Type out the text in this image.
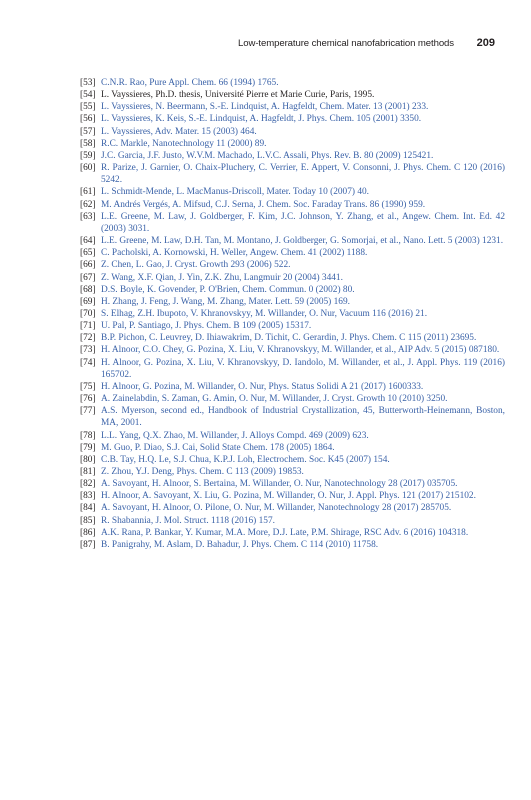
Low-temperature chemical nanofabrication methods 209
[53] C.N.R. Rao, Pure Appl. Chem. 66 (1994) 1765.
[54] L. Vayssieres, Ph.D. thesis, Université Pierre et Marie Curie, Paris, 1995.
[55] L. Vayssieres, N. Beermann, S.-E. Lindquist, A. Hagfeldt, Chem. Mater. 13 (2001) 233.
[56] L. Vayssieres, K. Keis, S.-E. Lindquist, A. Hagfeldt, J. Phys. Chem. 105 (2001) 3350.
[57] L. Vayssieres, Adv. Mater. 15 (2003) 464.
[58] R.C. Markle, Nanotechnology 11 (2000) 89.
[59] J.C. Garcia, J.F. Justo, W.V.M. Machado, L.V.C. Assali, Phys. Rev. B. 80 (2009) 125421.
[60] R. Parize, J. Garnier, O. Chaix-Pluchery, C. Verrier, E. Appert, V. Consonni, J. Phys. Chem. C 120 (2016) 5242.
[61] L. Schmidt-Mende, L. MacManus-Driscoll, Mater. Today 10 (2007) 40.
[62] M. Andrés Vergés, A. Mifsud, C.J. Serna, J. Chem. Soc. Faraday Trans. 86 (1990) 959.
[63] L.E. Greene, M. Law, J. Goldberger, F. Kim, J.C. Johnson, Y. Zhang, et al., Angew. Chem. Int. Ed. 42 (2003) 3031.
[64] L.E. Greene, M. Law, D.H. Tan, M. Montano, J. Goldberger, G. Somorjai, et al., Nano. Lett. 5 (2003) 1231.
[65] C. Pacholski, A. Kornowski, H. Weller, Angew. Chem. 41 (2002) 1188.
[66] Z. Chen, L. Gao, J. Cryst. Growth 293 (2006) 522.
[67] Z. Wang, X.F. Qian, J. Yin, Z.K. Zhu, Langmuir 20 (2004) 3441.
[68] D.S. Boyle, K. Govender, P. O'Brien, Chem. Commun. 0 (2002) 80.
[69] H. Zhang, J. Feng, J. Wang, M. Zhang, Mater. Lett. 59 (2005) 169.
[70] S. Elhag, Z.H. Ibupoto, V. Khranovskyy, M. Willander, O. Nur, Vacuum 116 (2016) 21.
[71] U. Pal, P. Santiago, J. Phys. Chem. B 109 (2005) 15317.
[72] B.P. Pichon, C. Leuvrey, D. Ihiawakrim, D. Tichit, C. Gerardin, J. Phys. Chem. C 115 (2011) 23695.
[73] H. Alnoor, C.O. Chey, G. Pozina, X. Liu, V. Khranovskyy, M. Willander, et al., AIP Adv. 5 (2015) 087180.
[74] H. Alnoor, G. Pozina, X. Liu, V. Khranovskyy, D. Iandolo, M. Willander, et al., J. Appl. Phys. 119 (2016) 165702.
[75] H. Alnoor, G. Pozina, M. Willander, O. Nur, Phys. Status Solidi A 21 (2017) 1600333.
[76] A. Zainelabdin, S. Zaman, G. Amin, O. Nur, M. Willander, J. Cryst. Growth 10 (2010) 3250.
[77] A.S. Myerson, second ed., Handbook of Industrial Crystallization, 45, Butterworth-Heinemann, Boston, MA, 2001.
[78] L.L. Yang, Q.X. Zhao, M. Willander, J. Alloys Compd. 469 (2009) 623.
[79] M. Guo, P. Diao, S.J. Cai, Solid State Chem. 178 (2005) 1864.
[80] C.B. Tay, H.Q. Le, S.J. Chua, K.P.J. Loh, Electrochem. Soc. K45 (2007) 154.
[81] Z. Zhou, Y.J. Deng, Phys. Chem. C 113 (2009) 19853.
[82] A. Savoyant, H. Alnoor, S. Bertaina, M. Willander, O. Nur, Nanotechnology 28 (2017) 035705.
[83] H. Alnoor, A. Savoyant, X. Liu, G. Pozina, M. Willander, O. Nur, J. Appl. Phys. 121 (2017) 215102.
[84] A. Savoyant, H. Alnoor, O. Pilone, O. Nur, M. Willander, Nanotechnology 28 (2017) 285705.
[85] R. Shabannia, J. Mol. Struct. 1118 (2016) 157.
[86] A.K. Rana, P. Bankar, Y. Kumar, M.A. More, D.J. Late, P.M. Shirage, RSC Adv. 6 (2016) 104318.
[87] B. Panigrahy, M. Aslam, D. Bahadur, J. Phys. Chem. C 114 (2010) 11758.
